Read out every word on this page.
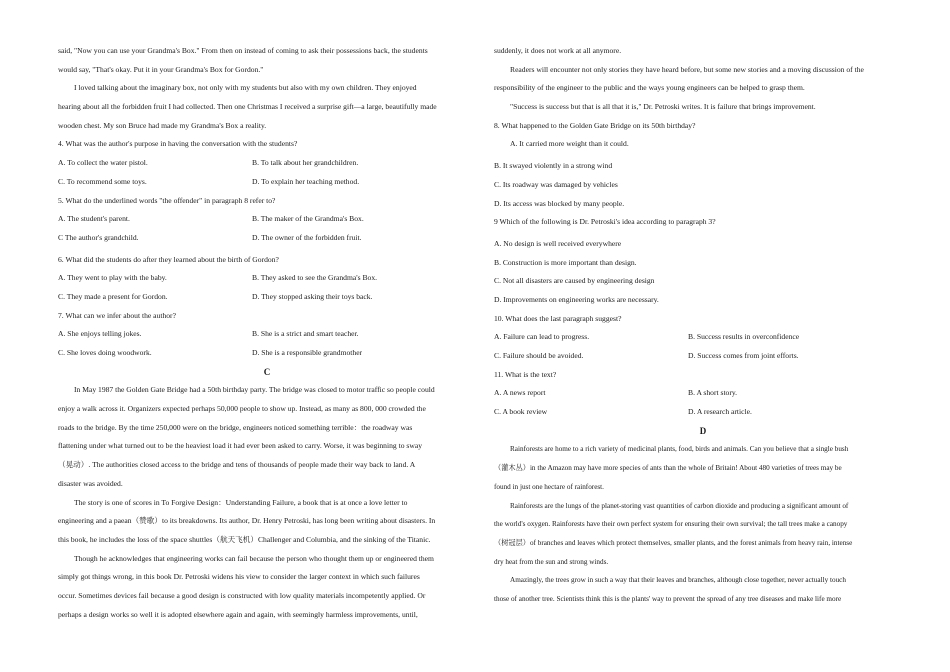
said, "Now you can use your Grandma's Box." From then on instead of coming to ask their possessions back, the students
would say, "That's okay. Put it in your Grandma's Box for Gordon."
I loved talking about the imaginary box, not only with my students but also with my own children. They enjoyed
hearing about all the forbidden fruit I had collected. Then one Christmas I received a surprise gift—a large, beautifully made
wooden chest. My son Bruce had made my Grandma's Box a reality.
4. What was the author's purpose in having the conversation with the students?
A. To collect the water pistol.	B. To talk about her grandchildren.
C. To recommend some toys.	D. To explain her teaching method.
5. What do the underlined words "the offender" in paragraph 8 refer to?
A. The student's parent.	B. The maker of the Grandma's Box.
C The author's grandchild.	D. The owner of the forbidden fruit.
6. What did the students do after they learned about the birth of Gordon?
A. They went to play with the baby.	B. They asked to see the Grandma's Box.
C. They made a present for Gordon.	D. They stopped asking their toys back.
7. What can we infer about the author?
A. She enjoys telling jokes.	B. She is a strict and smart teacher.
C. She loves doing woodwork.	D. She is a responsible grandmother
C
In May 1987 the Golden Gate Bridge had a 50th birthday party. The bridge was closed to motor traffic so people could
enjoy a walk across it. Organizers expected perhaps 50,000 people to show up. Instead, as many as 800, 000 crowded the
roads to the bridge. By the time 250,000 were on the bridge, engineers noticed something terrible：the roadway was
flattening under what turned out to be the heaviest load it had ever been asked to carry. Worse, it was beginning to sway
（晃动）. The authorities closed access to the bridge and tens of thousands of people made their way back to land. A
disaster was avoided.
The story is one of scores in To Forgive Design：Understanding Failure, a book that is at once a love letter to
engineering and a paean（赞歌）to its breakdowns. Its author, Dr. Henry Petroski, has long been writing about disasters. In
this book, he includes the loss of the space shuttles（航天飞机）Challenger and Columbia, and the sinking of the Titanic.
Though he acknowledges that engineering works can fail because the person who thought them up or engineered them
simply got things wrong, in this book Dr. Petroski widens his view to consider the larger context in which such failures
occur. Sometimes devices fail because a good design is constructed with low quality materials incompetently applied. Or
perhaps a design works so well it is adopted elsewhere again and again, with seemingly harmless improvements, until,
suddenly, it does not work at all anymore.
Readers will encounter not only stories they have heard before, but some new stories and a moving discussion of the
responsibility of the engineer to the public and the ways young engineers can be helped to grasp them.
"Success is success but that is all that it is," Dr. Petroski writes. It is failure that brings improvement.
8. What happened to the Golden Gate Bridge on its 50th birthday?
A. It carried more weight than it could.
B. It swayed violently in a strong wind
C. Its roadway was damaged by vehicles
D. Its access was blocked by many people.
9 Which of the following is Dr. Petroski's idea according to paragraph 3?
A. No design is well received everywhere
B. Construction is more important than design.
C. Not all disasters are caused by engineering design
D. Improvements on engineering works are necessary.
10. What does the last paragraph suggest?
A. Failure can lead to progress.	B. Success results in overconfidence
C. Failure should be avoided.	D. Success comes from joint efforts.
11. What is the text?
A. A news report	B. A short story.
C. A book review	D. A research article.
D
Rainforests are home to a rich variety of medicinal plants, food, birds and animals. Can you believe that a single bush
（灌木丛）in the Amazon may have more species of ants than the whole of Britain! About 480 varieties of trees may be
found in just one hectare of rainforest.
Rainforests are the lungs of the planet-storing vast quantities of carbon dioxide and producing a significant amount of
the world's oxygen. Rainforests have their own perfect system for ensuring their own survival; the tall trees make a canopy
（树冠层）of branches and leaves which protect themselves, smaller plants, and the forest animals from heavy rain, intense
dry heat from the sun and strong winds.
Amazingly, the trees grow in such a way that their leaves and branches, although close together, never actually touch
those of another tree. Scientists think this is the plants' way to prevent the spread of any tree diseases and make life more
